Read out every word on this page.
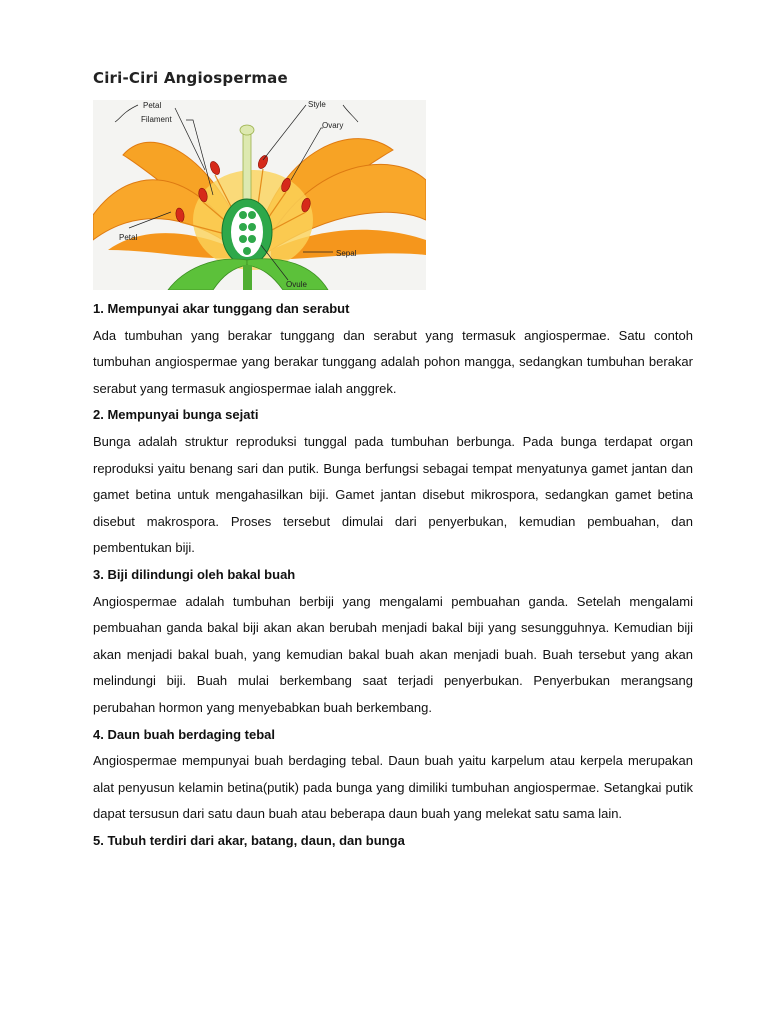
Ciri-Ciri Angiospermae
Petal
Filament
Style
Ovary
Petal
Sepal
Ovule
1. Mempunyai akar tunggang dan serabut

Ada tumbuhan yang berakar tunggang dan serabut yang termasuk angiospermae. Satu contoh tumbuhan angiospermae yang berakar tunggang adalah pohon mangga, sedangkan tumbuhan berakar serabut yang termasuk angiospermae ialah anggrek.

2. Mempunyai bunga sejati

Bunga adalah struktur reproduksi tunggal pada tumbuhan berbunga. Pada bunga terdapat organ reproduksi yaitu benang sari dan putik. Bunga berfungsi sebagai tempat menyatunya gamet jantan dan gamet betina untuk mengahasilkan biji. Gamet jantan disebut mikrospora, sedangkan gamet betina disebut makrospora. Proses tersebut dimulai dari penyerbukan, kemudian pembuahan, dan pembentukan biji.

3. Biji dilindungi oleh bakal buah

Angiospermae adalah tumbuhan berbiji yang mengalami pembuahan ganda. Setelah mengalami pembuahan ganda bakal biji akan akan berubah menjadi bakal biji yang sesungguhnya. Kemudian biji akan menjadi bakal buah, yang kemudian bakal buah akan menjadi buah. Buah tersebut yang akan melindungi biji. Buah mulai berkembang saat terjadi penyerbukan. Penyerbukan merangsang perubahan hormon yang menyebabkan buah berkembang.

4. Daun buah berdaging tebal

Angiospermae mempunyai buah berdaging tebal. Daun buah yaitu karpelum atau kerpela merupakan alat penyusun kelamin betina(putik) pada bunga yang dimiliki tumbuhan angiospermae. Setangkai putik dapat tersusun dari satu daun buah atau beberapa daun buah yang melekat satu sama lain.

5. Tubuh terdiri dari akar, batang, daun, dan bunga
